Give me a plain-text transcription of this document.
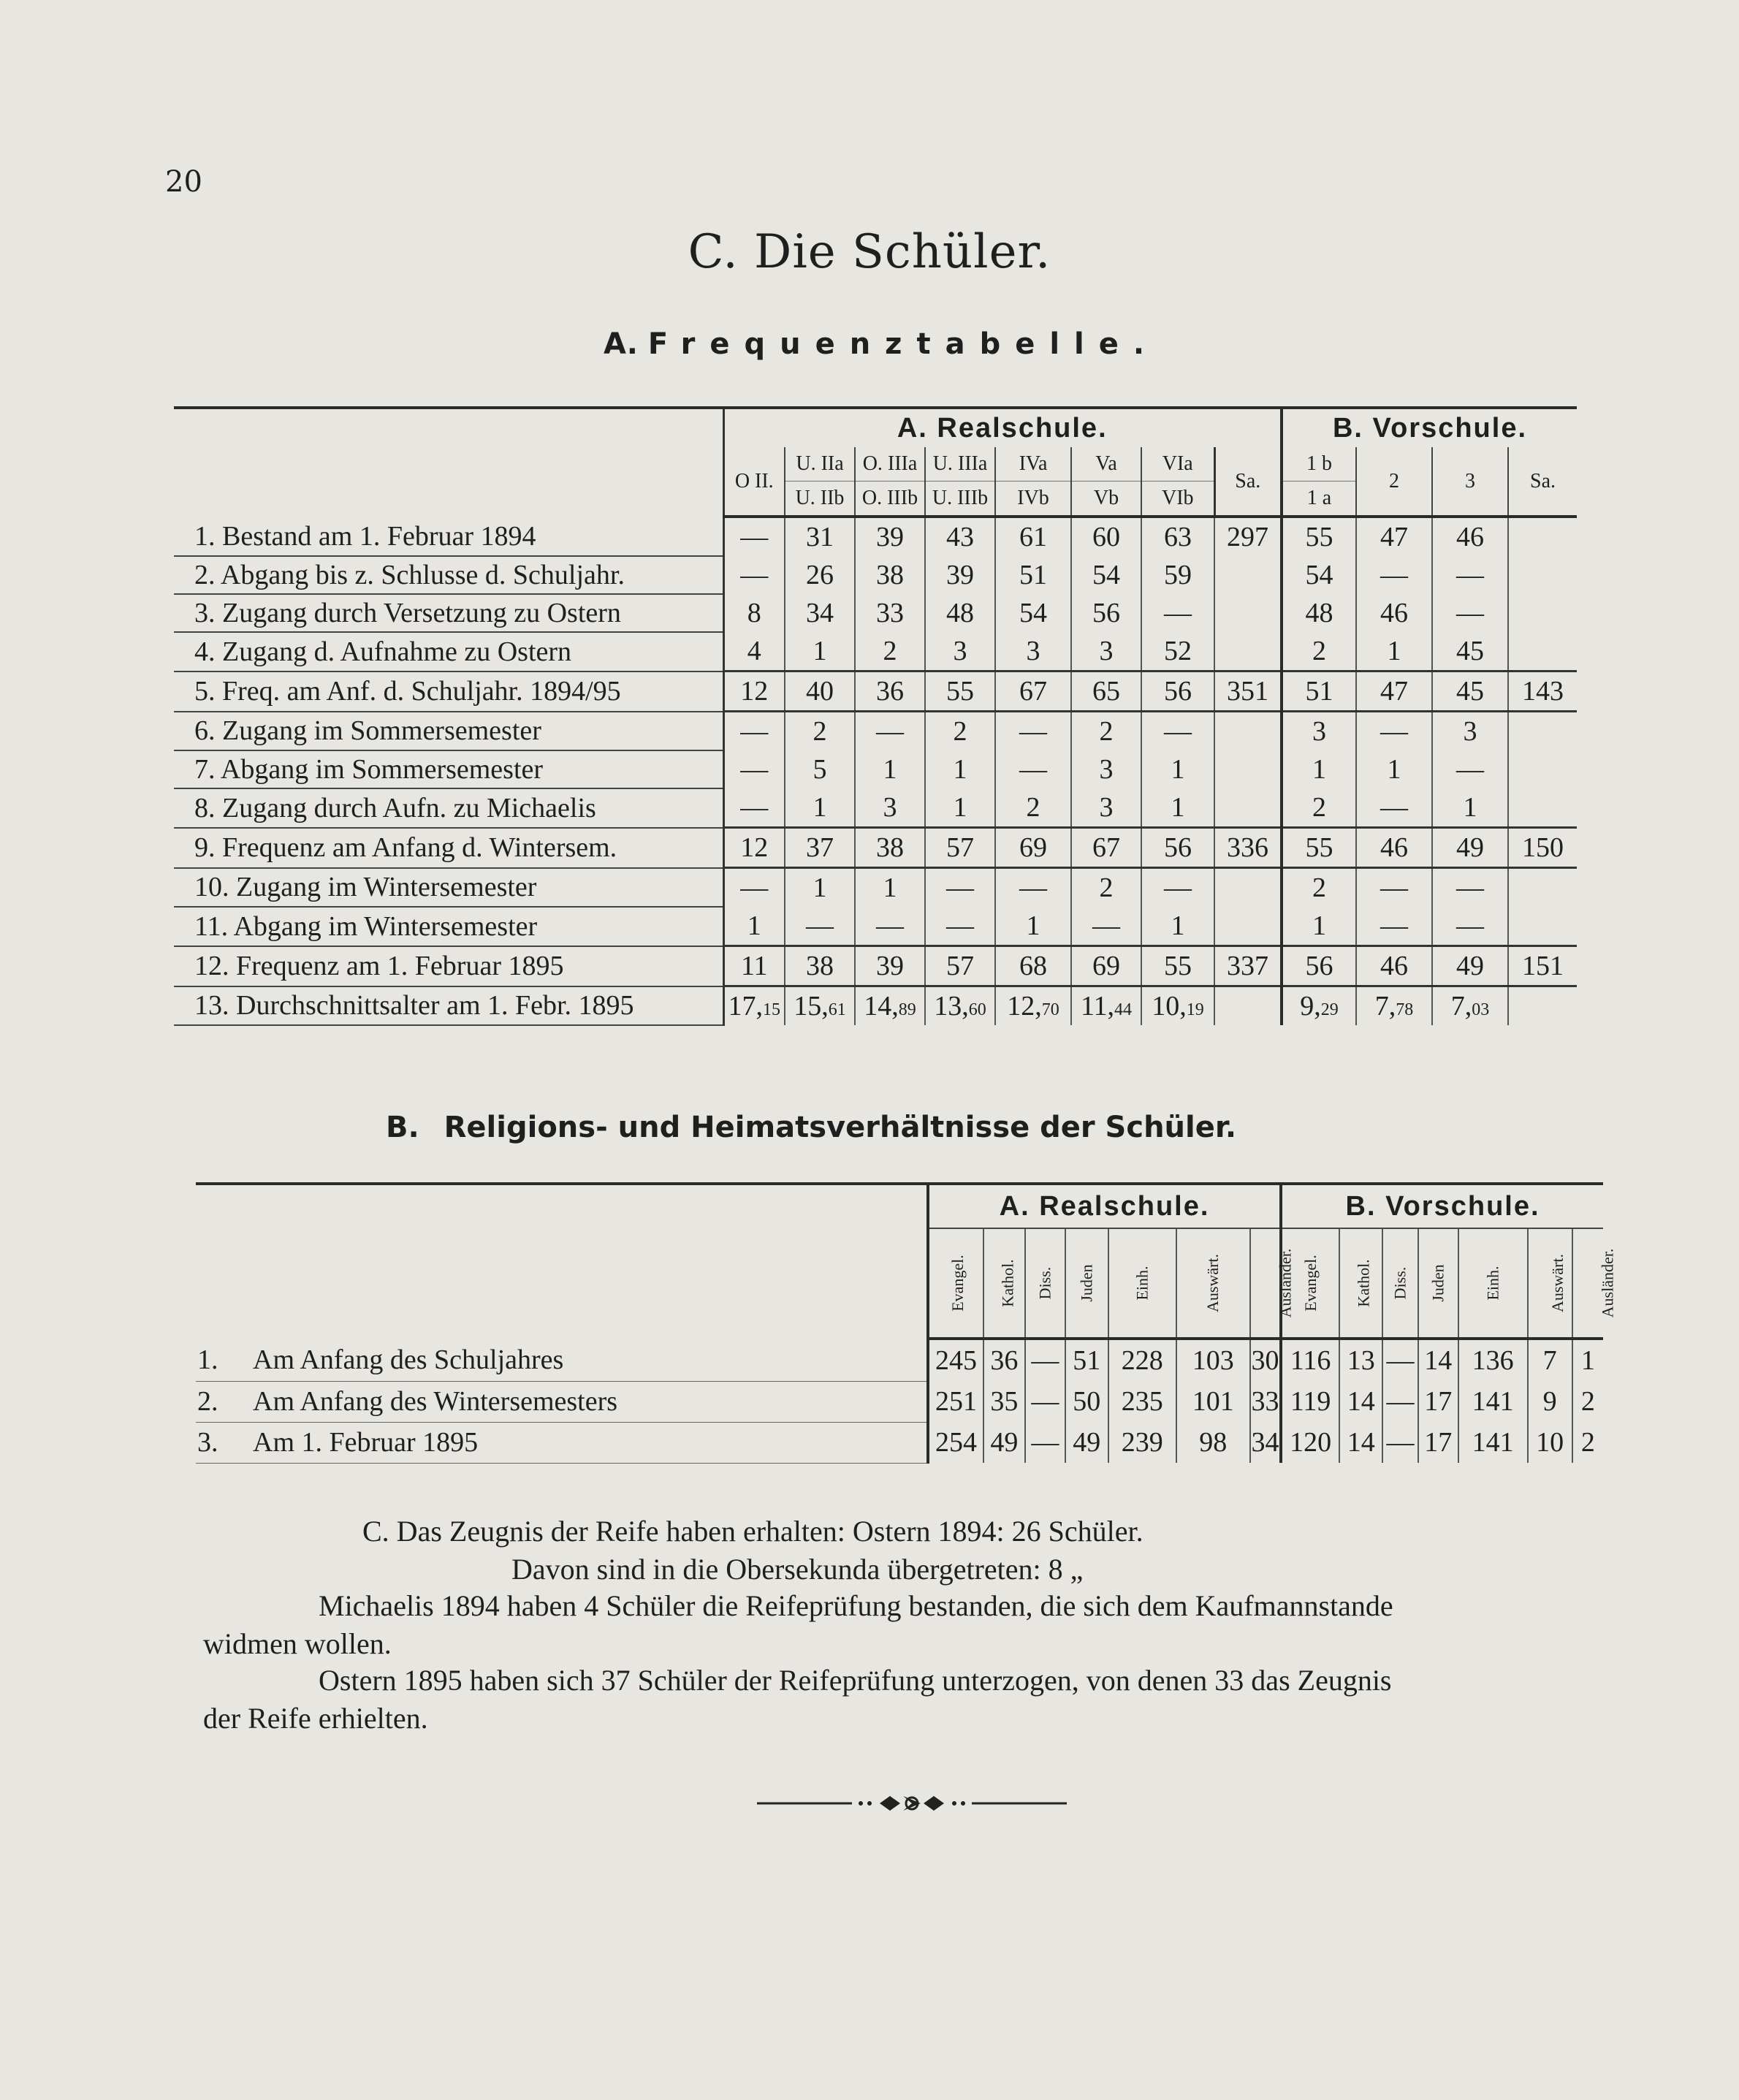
20
C. Die Schüler.
A. Frequenztabelle.

	A. Realschule.								B. Vorschule.			
	O II.	U. IIa	O. IIIa	U. IIIa	IVa	Va	VIa	Sa.	1 b	2	3	Sa.
		U. IIb	O. IIIb	U. IIIb	IVb	Vb	VIb		1 a			
1. Bestand am 1. Februar 1894	—	31	39	43	61	60	63	297	55	47	46	
2. Abgang bis z. Schlusse d. Schuljahr.	—	26	38	39	51	54	59		54	—	—	
3. Zugang durch Versetzung zu Ostern	8	34	33	48	54	56	—		48	46	—	
4. Zugang d. Aufnahme zu Ostern	4	1	2	3	3	3	52		2	1	45	
5. Freq. am Anf. d. Schuljahr. 1894/95	12	40	36	55	67	65	56	351	51	47	45	143
6. Zugang im Sommersemester	—	2	—	2	—	2	—		3	—	3	
7. Abgang im Sommersemester	—	5	1	1	—	3	1		1	1	—	
8. Zugang durch Aufn. zu Michaelis	—	1	3	1	2	3	1		2	—	1	
9. Frequenz am Anfang d. Wintersem.	12	37	38	57	69	67	56	336	55	46	49	150
10. Zugang im Wintersemester	—	1	1	—	—	2	—		2	—	—	
11. Abgang im Wintersemester	1	—	—	—	1	—	1		1	—	—	
12. Frequenz am 1. Februar 1895	11	38	39	57	68	69	55	337	56	46	49	151
13. Durchschnittsalter am 1. Febr. 1895	17,15	15,61	14,89	13,60	12,70	11,44	10,19		9,29	7,78	7,03	
B. Religions- und Heimatsverhältnisse der Schüler.

	A. Realschule.							B. Vorschule.						
	Evangel.	Kathol.	Diss.	Juden	Einh.	Auswärt.	Ausländer.	Evangel.	Kathol.	Diss.	Juden	Einh.	Auswärt.	Ausländer.
1. Am Anfang des Schuljahres	245	36	—	51	228	103	30	116	13	—	14	136	7	1
2. Am Anfang des Wintersemesters	251	35	—	50	235	101	33	119	14	—	17	141	9	2
3. Am 1. Februar 1895	254	49	—	49	239	98	34	120	14	—	17	141	10	2
C. Das Zeugnis der Reife haben erhalten: Ostern 1894: 26 Schüler.
Davon sind in die Obersekunda übergetreten: 8 „
Michaelis 1894 haben 4 Schüler die Reifeprüfung bestanden, die sich dem Kaufmannstande
widmen wollen.
Ostern 1895 haben sich 37 Schüler der Reifeprüfung unterzogen, von denen 33 das Zeugnis
der Reife erhielten.
